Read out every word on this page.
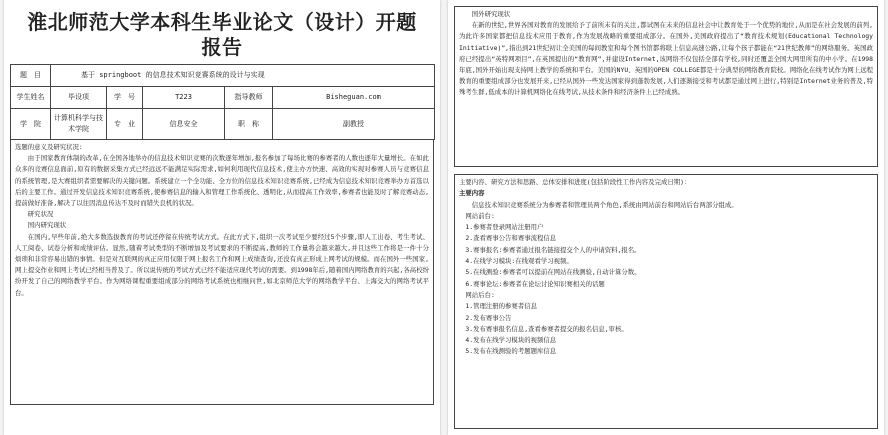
淮北师范大学本科生毕业论文（设计）开题
报告
题　目	基于 springboot 的信息技术知识竞赛系统的设计与实现				
学生姓名	毕设项	学　号	T223	指导教师	Bisheguan.com
学　院	计算机科学与技术学院	专　业	信息安全	职　称	副教授

选题的意义及研究状况:

由于国家教育体制的改革,在全国各地举办的信息技术知识竞赛的次数逐年增加,报名参加了每场比赛的参赛者的人数也逐年大量增长。在如此众多的竞赛信息面前,原有的数据采集方式已经远远不能满足实际需求,如何利用现代信息技术,使主办方快速、高效的实现对参赛人员与竞赛信息的系统管理,是大赛组织者需要解决的关键问题。系统建立一个全功能、全方位的信息技术知识竞赛系统,已经成为信息技术知识竞赛举办方首选以后的主要工作。通过开发信息技术知识竞赛系统,使参赛信息的输入和管理工作系统化、透明化,从而提高工作效率,参赛者也能及时了解竞赛动态,提前做好准备,解决了以往因消息传达不及时而错失良机的状况。

研究状况

国内研究现状

在国内,早些年前,绝大多数选拔教育的考试还停留在传统考试方式。在此方式下,组织一次考试至少要经过5个步骤,即人工出卷、考生考试、人工阅卷、试卷分析和成绩评估。显然,随着考试类型的不断增加及考试要求的不断提高,教师的工作量将会越来越大,并且这些工作将是一件十分烦琐和非常容易出错的事情。但是对互联网的真正应用仅限于网上报名工作和网上成绩查询,还没有真正形成上网考试的规模。而在国外一些国家,网上提交作业和网上考试已经相当普及了。所以说传统的考试方式已经不能适应现代考试的需要。到1998年后,随着国内网络教育的兴起,各高校纷纷开发了自己的网络教学平台。作为网络课程重要组成部分的网络考试系统也相继问世,如北京师范大学的网络教学平台、上海交大的网络考试平台。

国外研究现状

在新的世纪,世界各国对教育的发展给予了前所未有的关注,都试图在未来的信息社会中让教育处于一个优势的地位,从而是在社会发展的前列,为此许多国家都把信息技术应用于教育,作为发展战略的重要组成部分。在国外,美国政府提出了“教育技术规划(Educational Technology Initiative)”,指出到21世纪初让全美国的每间教室和每个图书馆都将联上信息高速公路,让每个孩子都能在“21世纪教师”的网络服务。英国政府已经提出“英特网项目”,在英国提出的“教育网”,并建设Internet,该网络不仅包括全部有学校,同时还覆盖全国大网里所有的中小学。在1998年底,国外开始出现支持网上教学的系统和平台。美国的NYU、英国的OPEN COLLEGE都是十分典型的网络教育院校。网络化在线考试作为网上远程教育的重要组成部分也发展开来,已经从国外一些发达国家得到蓬勃发展,人们逐渐接受和考试都是通过网上进行,特别是Internet业务的普及,特殊考生群,低成本的计算机网络化在线考试,从技术条件和经济条件上已经成熟。

主要内容、研究方法和思路、总体安排和进度(包括阶段性工作内容及完成日期)：

主要内容

信息技术知识竞赛系统分为参赛者和管理员两个角色,系统由网站前台和网站后台两部分组成。

网站前台:

1.参赛者登录网站注册用户

2.查看赛事公告和赛事流程信息

3.赛事报名:参赛者通过报名链接提交个人的申请资料,报名。

4.在线学习模块:在线观看学习视频。

5.在线测验:参赛者可以提前在网站在线测验,自动计算分数。

6.赛事论坛:参赛者在论坛讨论知识赛相关的话题

网站后台:

1.管理注册的参赛者信息

2.发布赛事公告

3.发布赛事报名信息,查看参赛者提交的报名信息,审核。

4.发布在线学习模块的视频信息

5.发布在线测验的考题题库信息
